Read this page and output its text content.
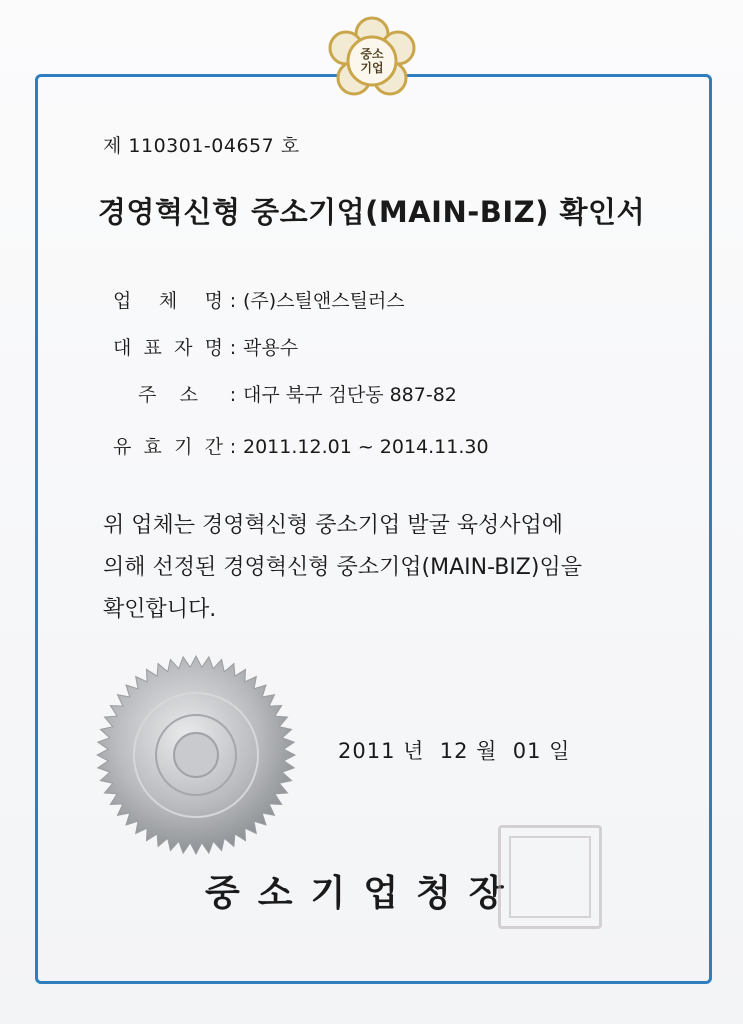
중소
기업
제 110301-04657 호
경영혁신형 중소기업(MAIN-BIZ) 확인서
업 체 명 : (주)스틸앤스틸러스
대 표 자 명 : 곽용수
주 소	: 대구 북구 검단동 887-82
유 효 기 간 : 2011.12.01 ~ 2014.11.30

위 업체는 경영혁신형 중소기업 발굴 육성사업에

의해 선정된 경영혁신형 중소기업(MAIN-BIZ)임을

확인합니다.

2011 년  12 월  01 일
중소기업청장
